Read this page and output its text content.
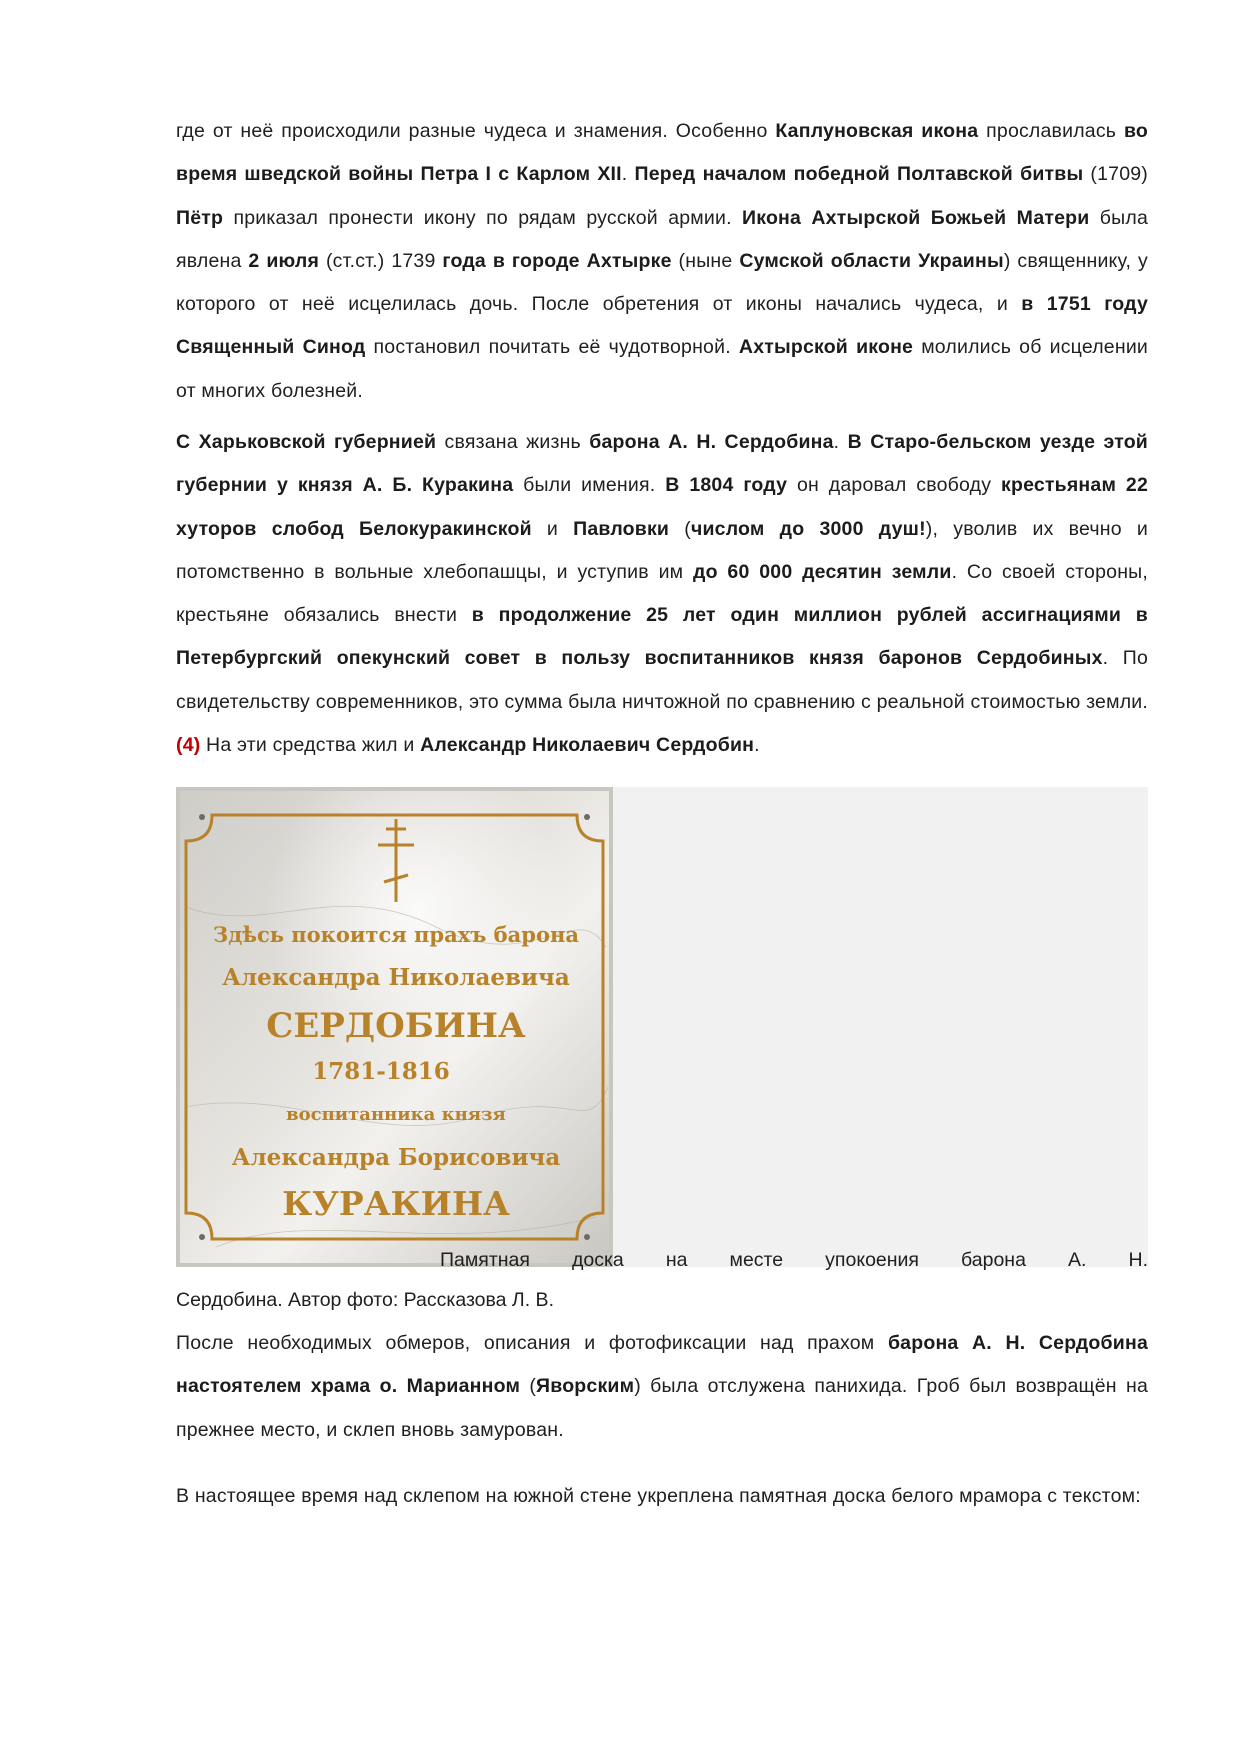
где от неё происходили разные чудеса и знамения. Особенно Каплуновская икона прославилась во время шведской войны Петра I с Карлом XII. Перед началом победной Полтавской битвы (1709) Пётр приказал пронести икону по рядам русской армии. Икона Ахтырской Божьей Матери была явлена 2 июля (ст.ст.) 1739 года в городе Ахтырке (ныне Сумской области Украины) священнику, у которого от неё исцелилась дочь. После обретения от иконы начались чудеса, и в 1751 году Священный Синод постановил почитать её чудотворной. Ахтырской иконе молились об исцелении от многих болезней.

С Харьковской губернией связана жизнь барона А. Н. Сердобина. В Старо-бельском уезде этой губернии у князя А. Б. Куракина были имения. В 1804 году он даровал свободу крестьянам 22 хуторов слобод Белокуракинской и Павловки (числом до 3000 душ!), уволив их вечно и потомственно в вольные хлебопашцы, и уступив им до 60 000 десятин земли. Со своей стороны, крестьяне обязались внести в продолжение 25 лет один миллион рублей ассигнациями в Петербургский опекунский совет в пользу воспитанников князя баронов Сердобиных. По свидетельству современников, это сумма была ничтожной по сравнению с реальной стоимостью земли. (4) На эти средства жил и Александр Николаевич Сердобин.

Здѣсь покоится прахъ барона
Александра Николаевича
СЕРДОБИНА
1781-1816
воспитанника князя
Александра Борисовича
КУРАКИНА

Памятная доска на месте упокоения барона А. Н.

Сердобина. Автор фото: Рассказова Л. В.

После необходимых обмеров, описания и фотофиксации над прахом барона А. Н. Сердобина настоятелем храма о. Марианном (Яворским) была отслужена панихида. Гроб был возвращён на прежнее место, и склеп вновь замурован.

В настоящее время над склепом на южной стене укреплена памятная доска белого мрамора с текстом:
